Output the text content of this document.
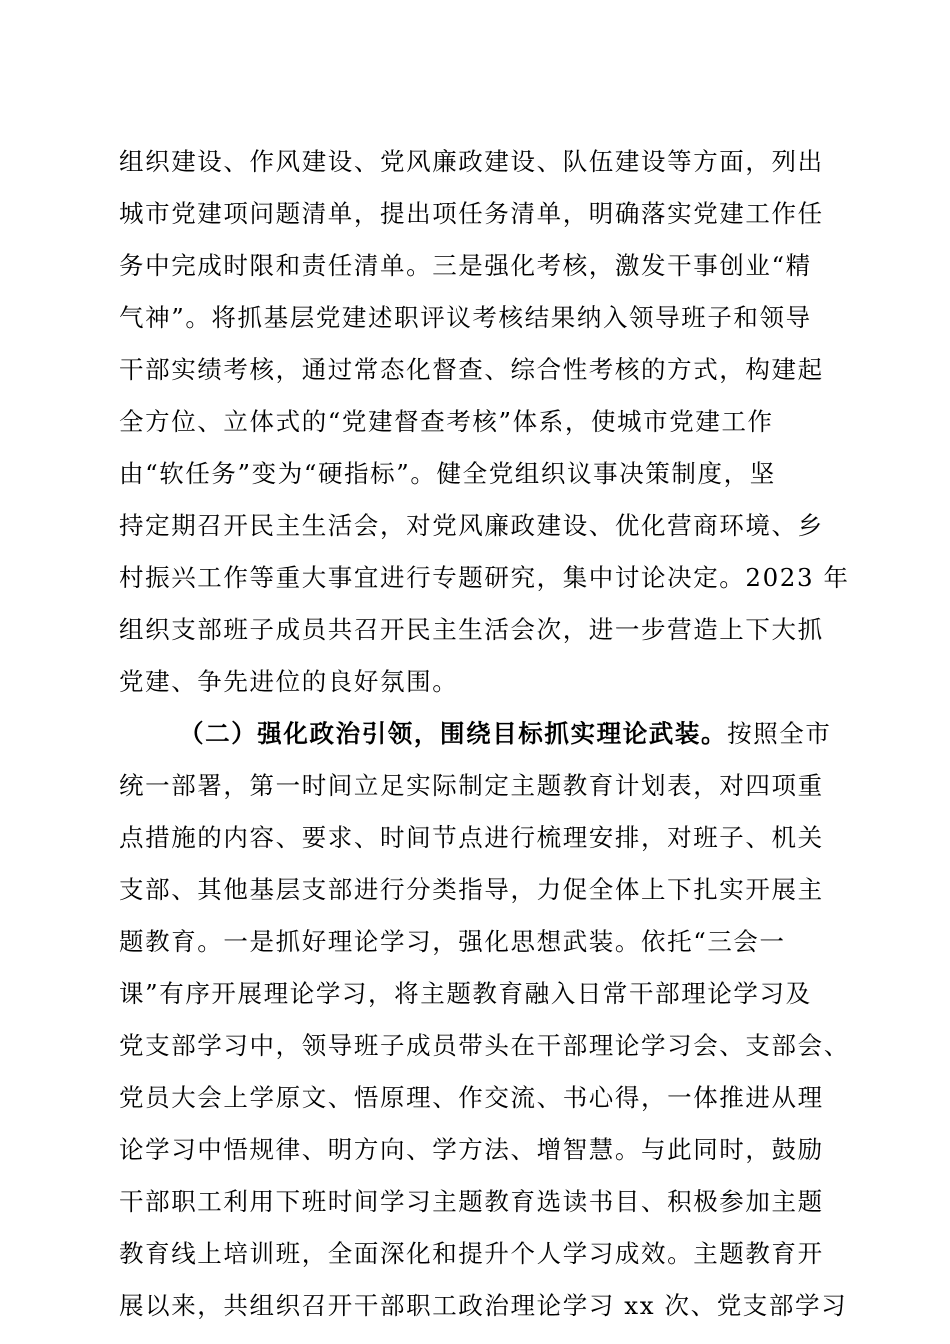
组织建设、作风建设、党风廉政建设、队伍建设等方面，列出
城市党建项问题清单，提出项任务清单，明确落实党建工作任
务中完成时限和责任清单。三是强化考核，激发干事创业“精
气神”。将抓基层党建述职评议考核结果纳入领导班子和领导
干部实绩考核，通过常态化督查、综合性考核的方式，构建起
全方位、立体式的“党建督查考核”体系，使城市党建工作
由“软任务”变为“硬指标”。健全党组织议事决策制度，坚
持定期召开民主生活会，对党风廉政建设、优化营商环境、乡
村振兴工作等重大事宜进行专题研究，集中讨论决定。2023 年
组织支部班子成员共召开民主生活会次，进一步营造上下大抓
党建、争先进位的良好氛围。
（二）强化政治引领，围绕目标抓实理论武装。按照全市
统一部署，第一时间立足实际制定主题教育计划表，对四项重
点措施的内容、要求、时间节点进行梳理安排，对班子、机关
支部、其他基层支部进行分类指导，力促全体上下扎实开展主
题教育。一是抓好理论学习，强化思想武装。依托“三会一
课”有序开展理论学习，将主题教育融入日常干部理论学习及
党支部学习中，领导班子成员带头在干部理论学习会、支部会、
党员大会上学原文、悟原理、作交流、书心得，一体推进从理
论学习中悟规律、明方向、学方法、增智慧。与此同时，鼓励
干部职工利用下班时间学习主题教育选读书目、积极参加主题
教育线上培训班，全面深化和提升个人学习成效。主题教育开
展以来，共组织召开干部职工政治理论学习 xx 次、党支部学习
